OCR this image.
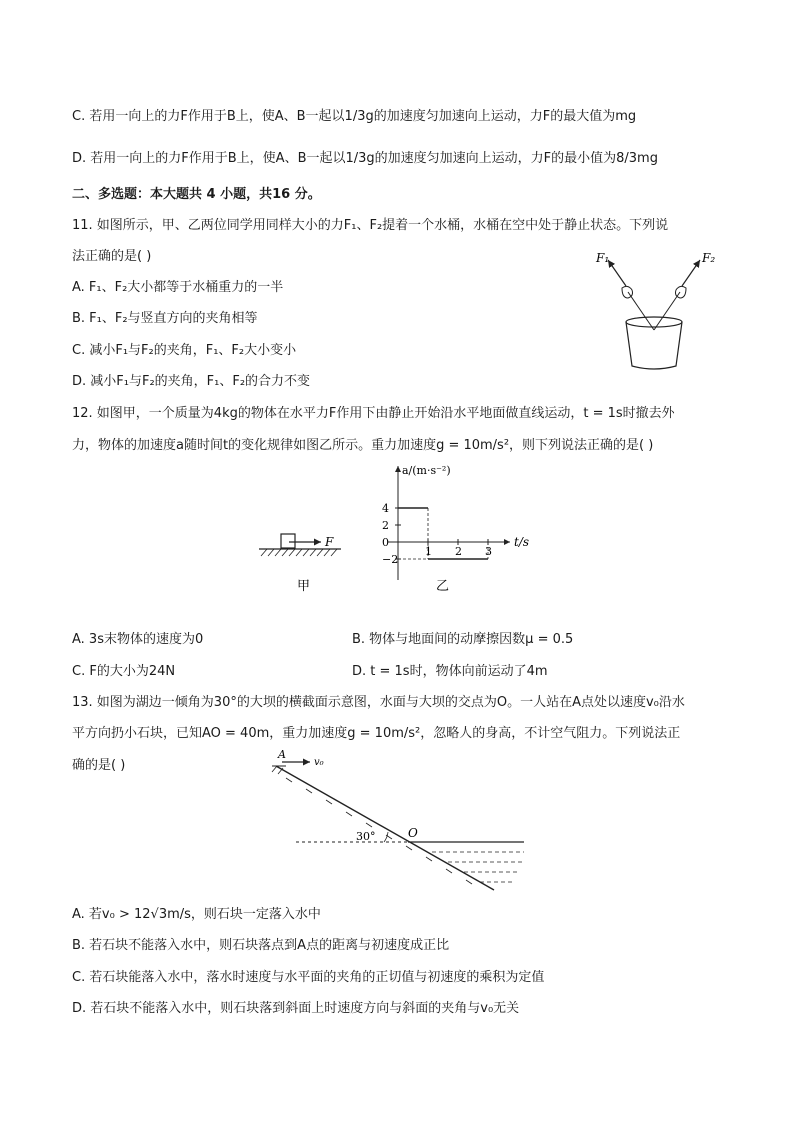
C. 若用一向上的力F作用于B上，使A、B一起以1/3g的加速度匀加速向上运动，力F的最大值为mg
D. 若用一向上的力F作用于B上，使A、B一起以1/3g的加速度匀加速向上运动，力F的最小值为8/3mg
二、多选题：本大题共 4 小题，共16 分。
11. 如图所示，甲、乙两位同学用同样大小的力F₁、F₂提着一个水桶，水桶在空中处于静止状态。下列说
法正确的是( )
A. F₁、F₂大小都等于水桶重力的一半
B. F₁、F₂与竖直方向的夹角相等
C. 减小F₁与F₂的夹角，F₁、F₂大小变小
D. 减小F₁与F₂的夹角，F₁、F₂的合力不变
F₁	F₂
12. 如图甲，一个质量为4kg的物体在水平力F作用下由静止开始沿水平地面做直线运动，t = 1s时撤去外
力，物体的加速度a随时间t的变化规律如图乙所示。重力加速度g = 10m/s²，则下列说法正确的是( )
F
甲
a/(m·s⁻²)
t/s
4
2
0
−2
1 2 3
乙
A. 3s末物体的速度为0	B. 物体与地面间的动摩擦因数μ = 0.5
C. F的大小为24N	D. t = 1s时，物体向前运动了4m
13. 如图为湖边一倾角为30°的大坝的横截面示意图，水面与大坝的交点为O。一人站在A点处以速度v₀沿水
平方向扔小石块，已知AO = 40m，重力加速度g = 10m/s²，忽略人的身高，不计空气阻力。下列说法正
确的是( )
A
v₀
O
30°
A. 若v₀ > 12√3m/s，则石块一定落入水中
B. 若石块不能落入水中，则石块落点到A点的距离与初速度成正比
C. 若石块能落入水中，落水时速度与水平面的夹角的正切值与初速度的乘积为定值
D. 若石块不能落入水中，则石块落到斜面上时速度方向与斜面的夹角与v₀无关
